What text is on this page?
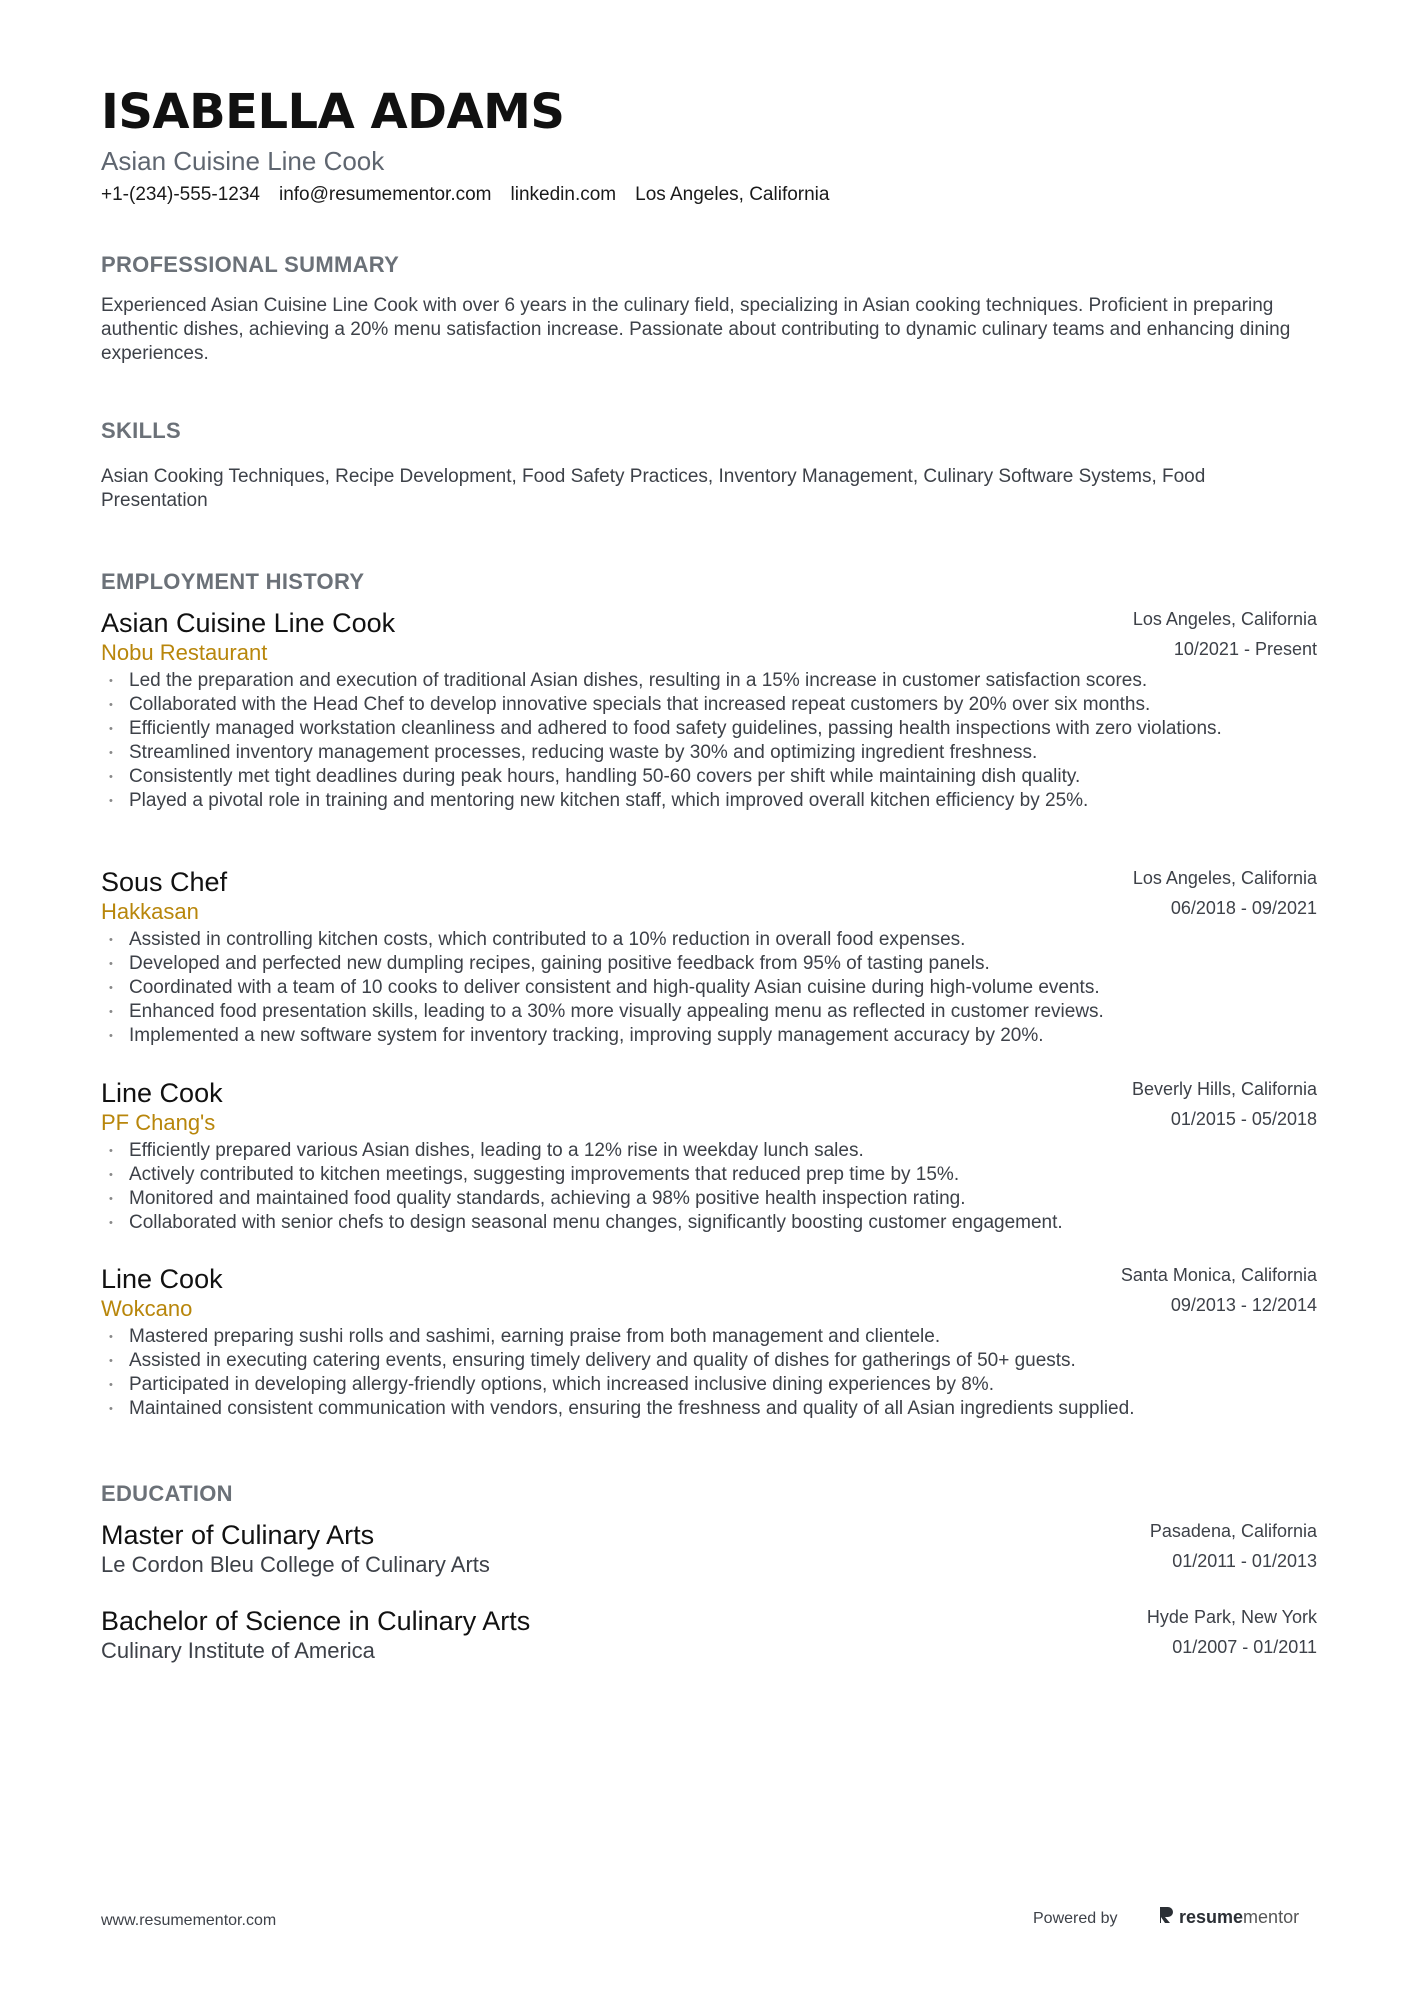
ISABELLA ADAMS
Asian Cuisine Line Cook
+1-(234)-555-1234 info@resumementor.com linkedin.com Los Angeles, California
PROFESSIONAL SUMMARY

Experienced Asian Cuisine Line Cook with over 6 years in the culinary field, specializing in Asian cooking techniques. Proficient in preparing authentic dishes, achieving a 20% menu satisfaction increase. Passionate about contributing to dynamic culinary teams and enhancing dining experiences.

SKILLS

Asian Cooking Techniques, Recipe Development, Food Safety Practices, Inventory Management, Culinary Software Systems, Food Presentation

EMPLOYMENT HISTORY
Asian Cuisine Line Cook
Nobu Restaurant
Los Angeles, California
10/2021 - Present
• Led the preparation and execution of traditional Asian dishes, resulting in a 15% increase in customer satisfaction scores.
• Collaborated with the Head Chef to develop innovative specials that increased repeat customers by 20% over six months.
• Efficiently managed workstation cleanliness and adhered to food safety guidelines, passing health inspections with zero violations.
• Streamlined inventory management processes, reducing waste by 30% and optimizing ingredient freshness.
• Consistently met tight deadlines during peak hours, handling 50-60 covers per shift while maintaining dish quality.
• Played a pivotal role in training and mentoring new kitchen staff, which improved overall kitchen efficiency by 25%.
Sous Chef
Hakkasan
Los Angeles, California
06/2018 - 09/2021
• Assisted in controlling kitchen costs, which contributed to a 10% reduction in overall food expenses.
• Developed and perfected new dumpling recipes, gaining positive feedback from 95% of tasting panels.
• Coordinated with a team of 10 cooks to deliver consistent and high-quality Asian cuisine during high-volume events.
• Enhanced food presentation skills, leading to a 30% more visually appealing menu as reflected in customer reviews.
• Implemented a new software system for inventory tracking, improving supply management accuracy by 20%.
Line Cook
PF Chang's
Beverly Hills, California
01/2015 - 05/2018
• Efficiently prepared various Asian dishes, leading to a 12% rise in weekday lunch sales.
• Actively contributed to kitchen meetings, suggesting improvements that reduced prep time by 15%.
• Monitored and maintained food quality standards, achieving a 98% positive health inspection rating.
• Collaborated with senior chefs to design seasonal menu changes, significantly boosting customer engagement.
Line Cook
Wokcano
Santa Monica, California
09/2013 - 12/2014
• Mastered preparing sushi rolls and sashimi, earning praise from both management and clientele.
• Assisted in executing catering events, ensuring timely delivery and quality of dishes for gatherings of 50+ guests.
• Participated in developing allergy-friendly options, which increased inclusive dining experiences by 8%.
• Maintained consistent communication with vendors, ensuring the freshness and quality of all Asian ingredients supplied.
EDUCATION
Master of Culinary Arts
Le Cordon Bleu College of Culinary Arts
Pasadena, California
01/2011 - 01/2013
Bachelor of Science in Culinary Arts
Culinary Institute of America
Hyde Park, New York
01/2007 - 01/2011
www.resumementor.com	Powered by	resumementor
